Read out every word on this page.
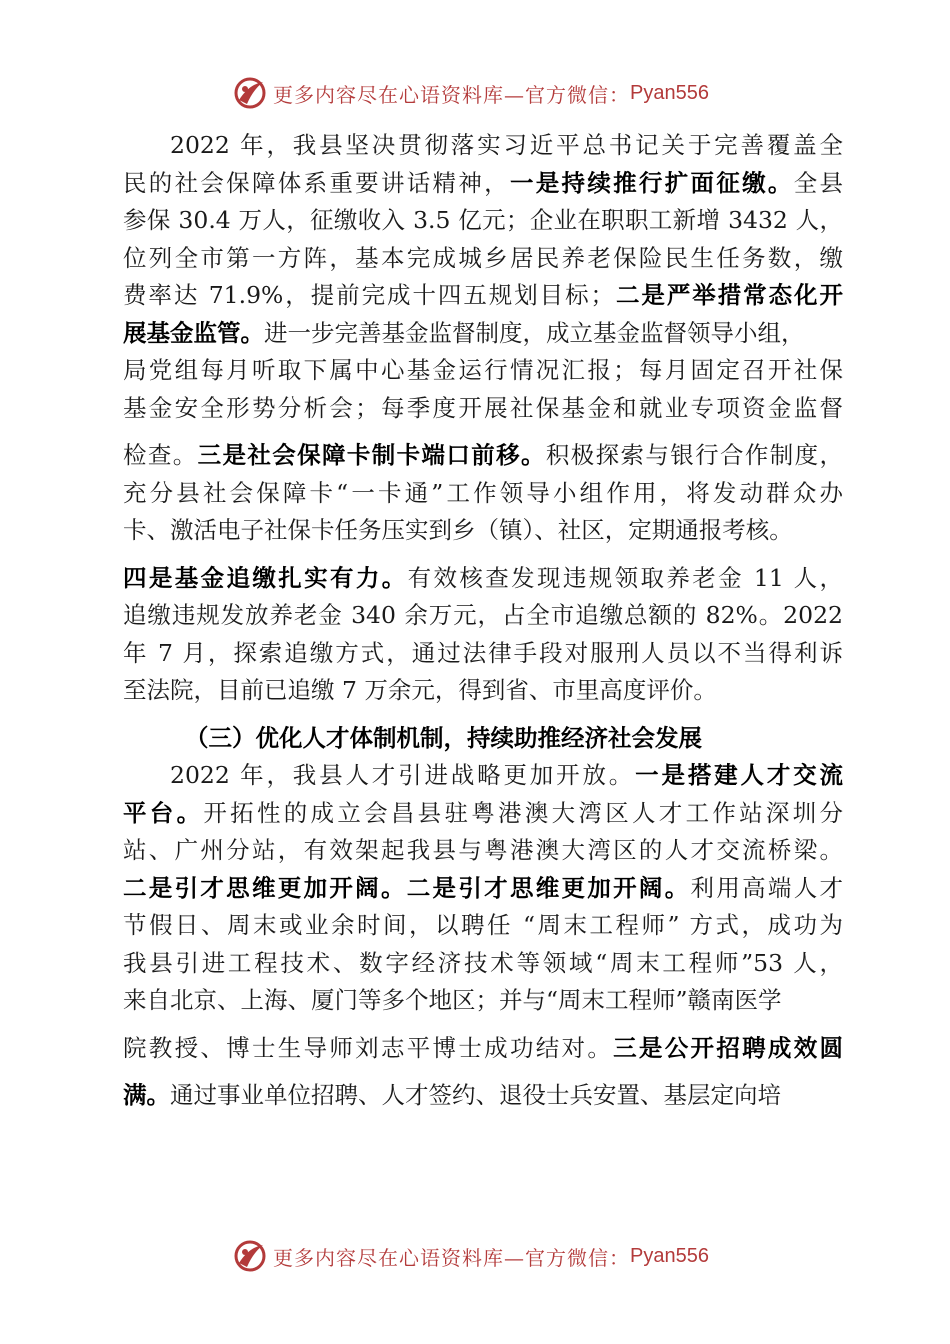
更多内容尽在心语资料库—官方微信： Pyan556
2022 年，我县坚决贯彻落实习近平总书记关于完善覆盖全
民的社会保障体系重要讲话精神，一是持续推行扩面征缴。全县
参保 30.4 万人，征缴收入 3.5 亿元；企业在职职工新增 3432 人，
位列全市第一方阵，基本完成城乡居民养老保险民生任务数，缴
费率达 71.9%，提前完成十四五规划目标；二是严举措常态化开
展基金监管。进一步完善基金监督制度，成立基金监督领导小组，
局党组每月听取下属中心基金运行情况汇报；每月固定召开社保
基金安全形势分析会；每季度开展社保基金和就业专项资金监督
检查。三是社会保障卡制卡端口前移。积极探索与银行合作制度，
充分县社会保障卡“一卡通”工作领导小组作用，将发动群众办
卡、激活电子社保卡任务压实到乡（镇）、社区，定期通报考核。
四是基金追缴扎实有力。有效核查发现违规领取养老金 11 人，
追缴违规发放养老金 340 余万元，占全市追缴总额的 82%。2022
年 7 月，探索追缴方式，通过法律手段对服刑人员以不当得利诉
至法院，目前已追缴 7 万余元，得到省、市里高度评价。
（三）优化人才体制机制，持续助推经济社会发展
2022 年，我县人才引进战略更加开放。一是搭建人才交流
平台。开拓性的成立会昌县驻粤港澳大湾区人才工作站深圳分
站、广州分站，有效架起我县与粤港澳大湾区的人才交流桥梁。
二是引才思维更加开阔。二是引才思维更加开阔。利用高端人才
节假日、周末或业余时间，以聘任 “周末工程师” 方式，成功为
我县引进工程技术、数字经济技术等领域“周末工程师”53 人，
来自北京、上海、厦门等多个地区；并与“周末工程师”赣南医学
院教授、博士生导师刘志平博士成功结对。三是公开招聘成效圆
满。通过事业单位招聘、人才签约、退役士兵安置、基层定向培
更多内容尽在心语资料库—官方微信： Pyan556
